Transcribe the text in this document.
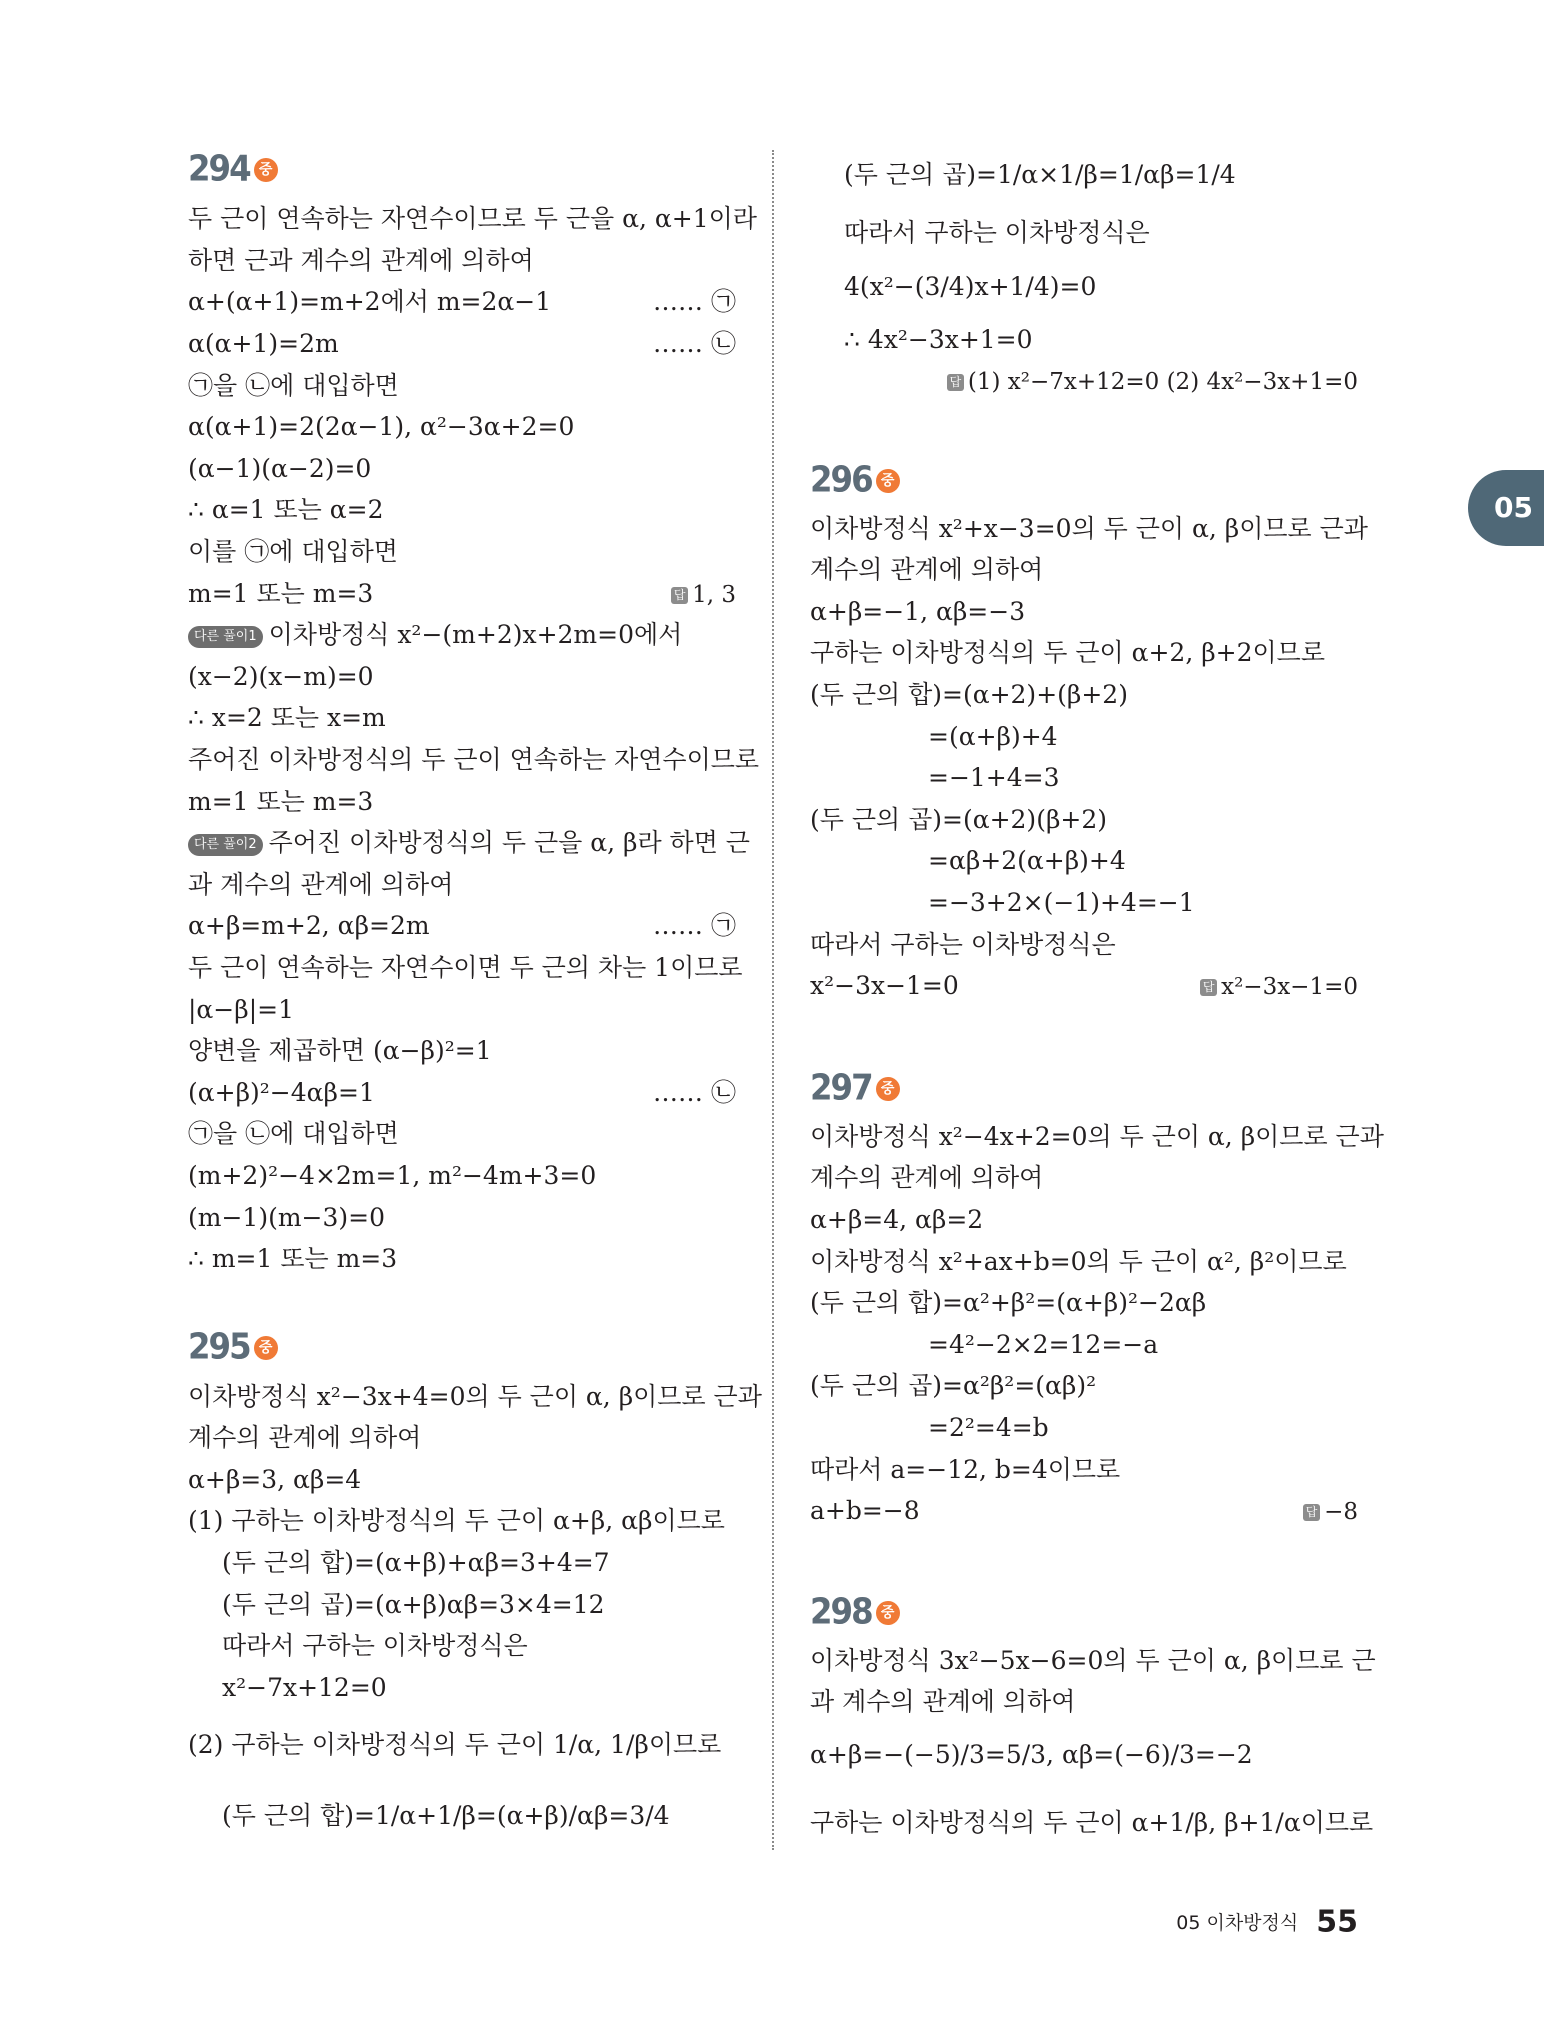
05
294 중
두 근이 연속하는 자연수이므로 두 근을 α, α+1이라
하면 근과 계수의 관계에 의하여
α+(α+1)=m+2에서 m=2α−1	…… ㉠
α(α+1)=2m	…… ㉡
㉠을 ㉡에 대입하면
α(α+1)=2(2α−1), α²−3α+2=0
(α−1)(α−2)=0
∴ α=1 또는 α=2
이를 ㉠에 대입하면
m=1 또는 m=3	답 1, 3
다른 풀이1 이차방정식 x²−(m+2)x+2m=0에서
(x−2)(x−m)=0
∴ x=2 또는 x=m
주어진 이차방정식의 두 근이 연속하는 자연수이므로
m=1 또는 m=3
다른 풀이2 주어진 이차방정식의 두 근을 α, β라 하면 근
과 계수의 관계에 의하여
α+β=m+2, αβ=2m	…… ㉠
두 근이 연속하는 자연수이면 두 근의 차는 1이므로
|α−β|=1
양변을 제곱하면 (α−β)²=1
(α+β)²−4αβ=1	…… ㉡
㉠을 ㉡에 대입하면
(m+2)²−4×2m=1, m²−4m+3=0
(m−1)(m−3)=0
∴ m=1 또는 m=3
295 중
이차방정식 x²−3x+4=0의 두 근이 α, β이므로 근과
계수의 관계에 의하여
α+β=3, αβ=4
(1) 구하는 이차방정식의 두 근이 α+β, αβ이므로
(두 근의 합)=(α+β)+αβ=3+4=7
(두 근의 곱)=(α+β)αβ=3×4=12
따라서 구하는 이차방정식은
x²−7x+12=0
(2) 구하는 이차방정식의 두 근이 1/α, 1/β이므로
(두 근의 합)=1/α+1/β=(α+β)/αβ=3/4
(두 근의 곱)=1/α×1/β=1/αβ=1/4
따라서 구하는 이차방정식은
4(x²−(3/4)x+1/4)=0
∴ 4x²−3x+1=0
답 (1) x²−7x+12=0 (2) 4x²−3x+1=0
296 중
이차방정식 x²+x−3=0의 두 근이 α, β이므로 근과
계수의 관계에 의하여
α+β=−1, αβ=−3
구하는 이차방정식의 두 근이 α+2, β+2이므로
(두 근의 합)=(α+2)+(β+2)
=(α+β)+4
=−1+4=3
(두 근의 곱)=(α+2)(β+2)
=αβ+2(α+β)+4
=−3+2×(−1)+4=−1
따라서 구하는 이차방정식은
x²−3x−1=0	답 x²−3x−1=0
297 중
이차방정식 x²−4x+2=0의 두 근이 α, β이므로 근과
계수의 관계에 의하여
α+β=4, αβ=2
이차방정식 x²+ax+b=0의 두 근이 α², β²이므로
(두 근의 합)=α²+β²=(α+β)²−2αβ
=4²−2×2=12=−a
(두 근의 곱)=α²β²=(αβ)²
=2²=4=b
따라서 a=−12, b=4이므로
a+b=−8	답 −8
298 중
이차방정식 3x²−5x−6=0의 두 근이 α, β이므로 근
과 계수의 관계에 의하여
α+β=−(−5)/3=5/3, αβ=(−6)/3=−2
구하는 이차방정식의 두 근이 α+1/β, β+1/α이므로
05 이차방정식 55
